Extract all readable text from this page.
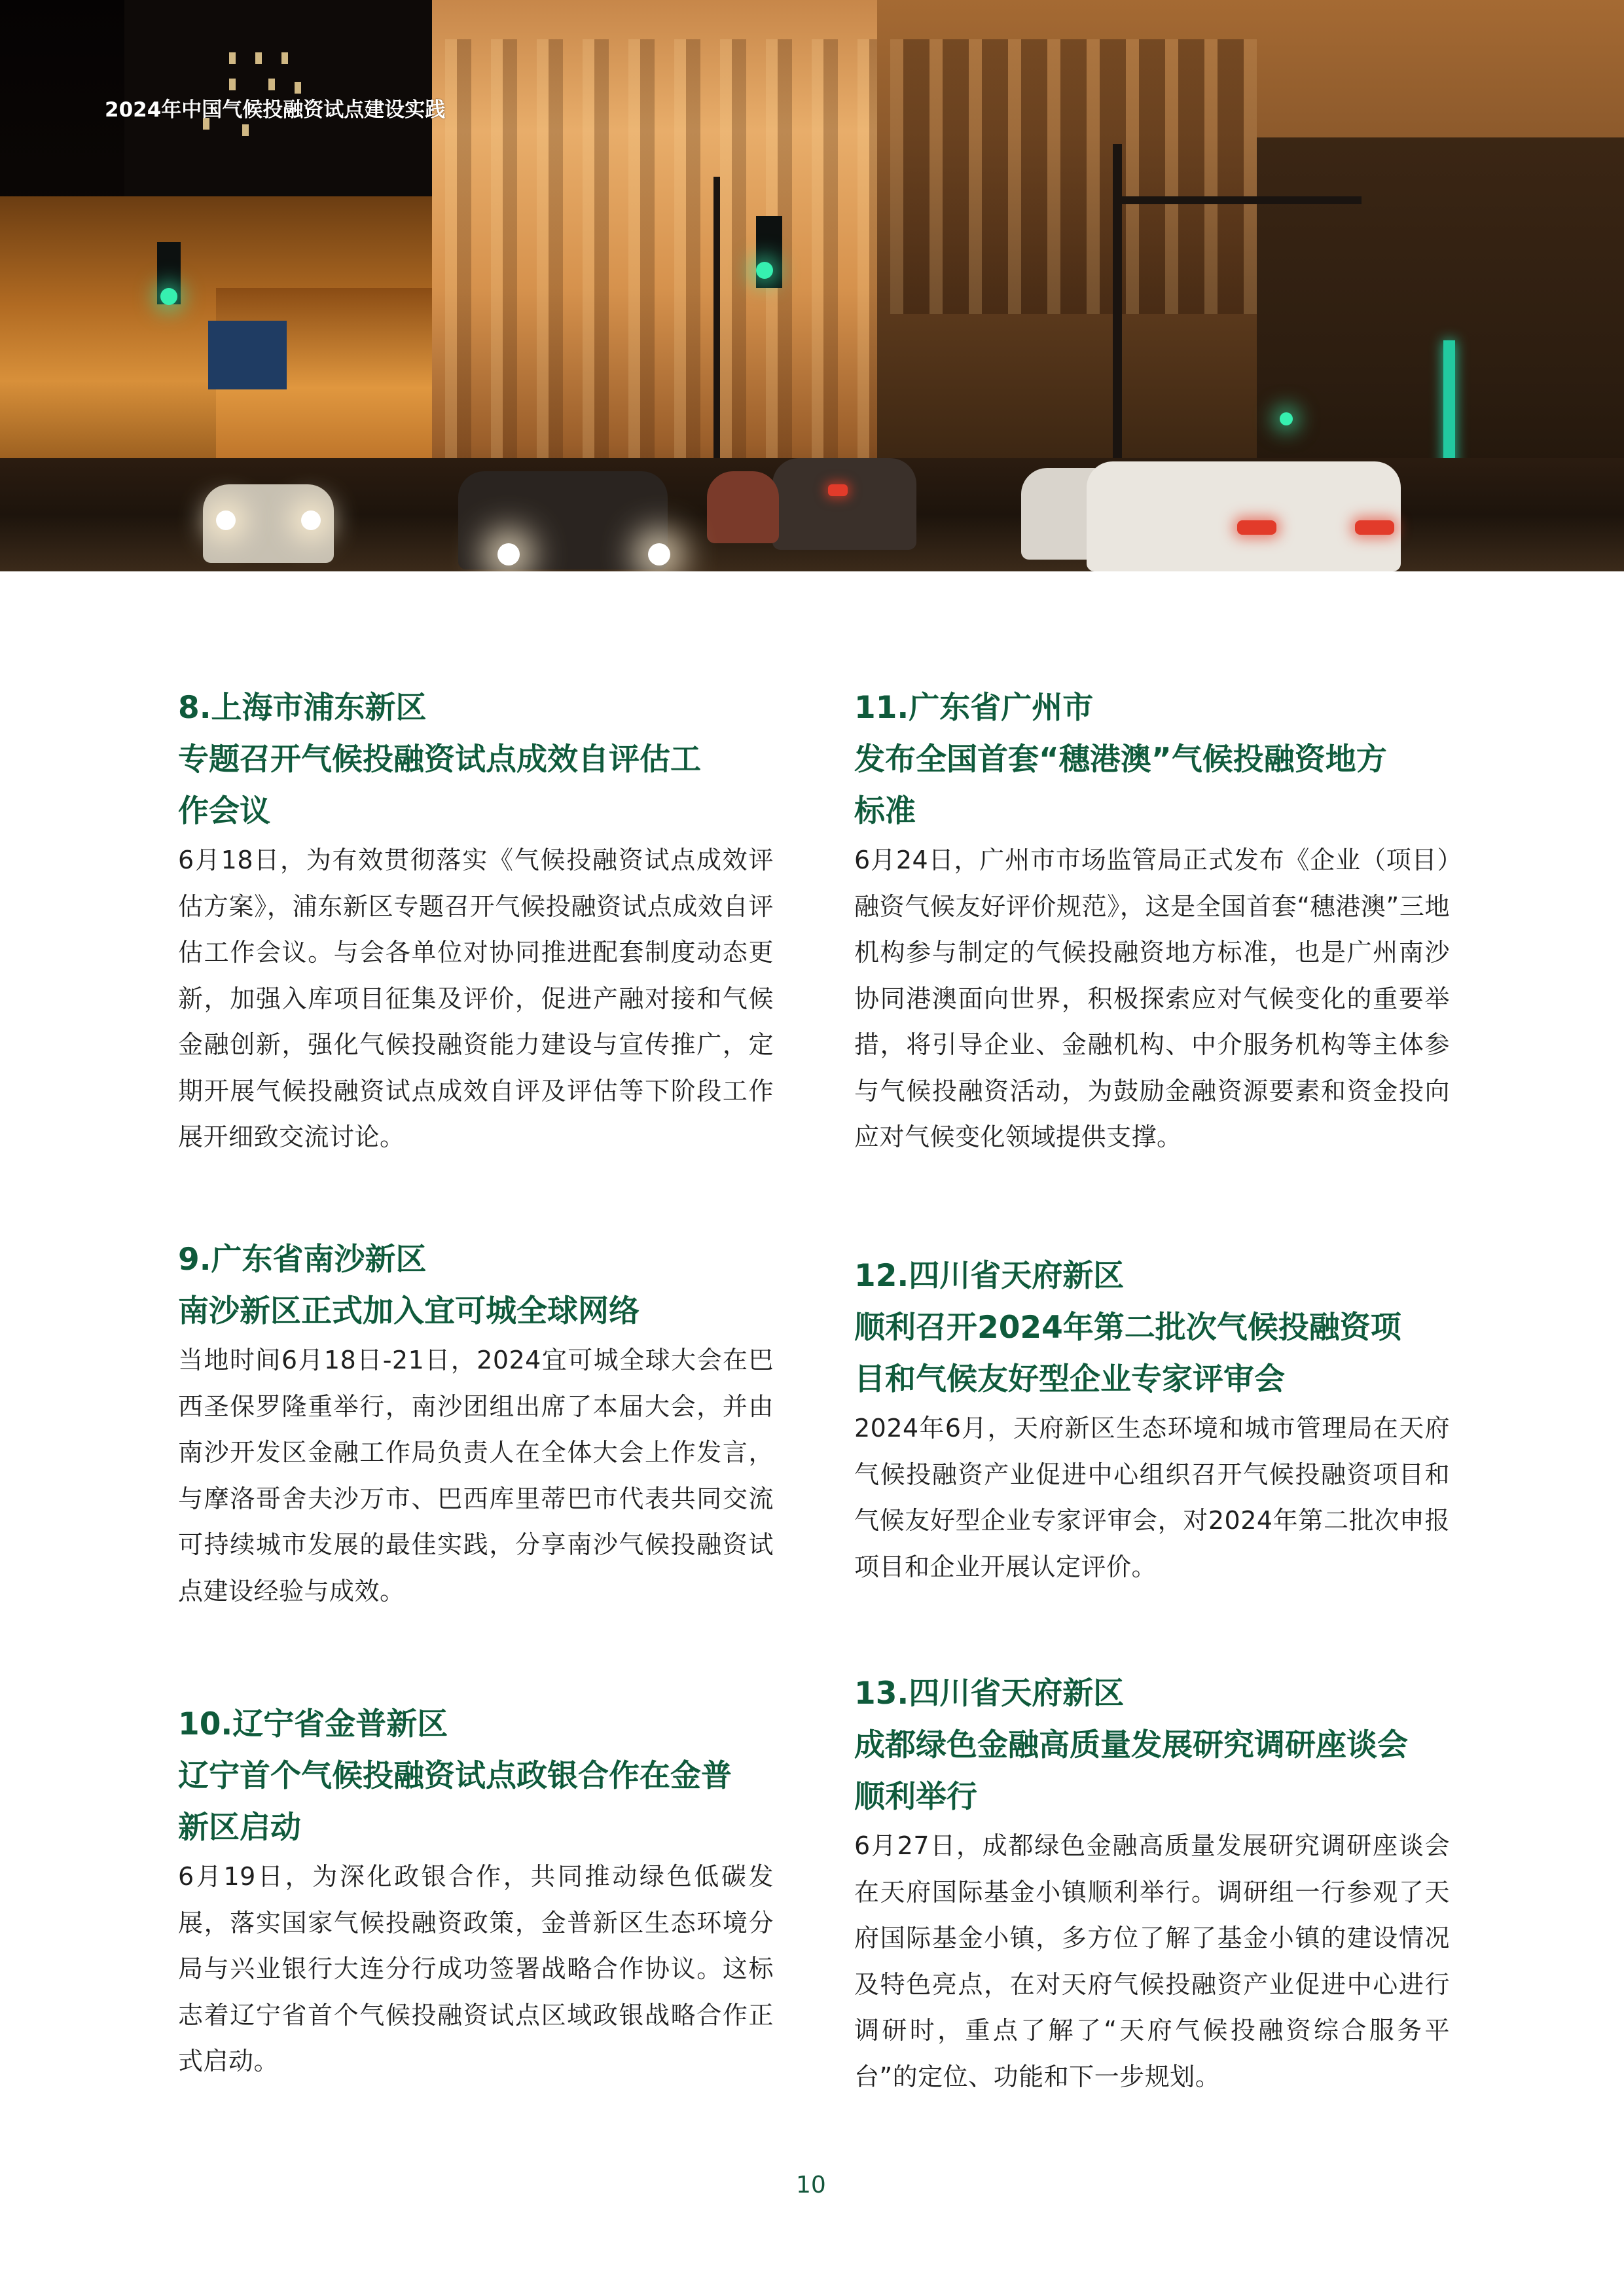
2024年中国气候投融资试点建设实践

8.上海市浦东新区

专题召开气候投融资试点成效自评估工

作会议

6月18日，为有效贯彻落实《气候投融资试点成效评估方案》，浦东新区专题召开气候投融资试点成效自评估工作会议。与会各单位对协同推进配套制度动态更新，加强入库项目征集及评价，促进产融对接和气候金融创新，强化气候投融资能力建设与宣传推广，定期开展气候投融资试点成效自评及评估等下阶段工作展开细致交流讨论。

9.广东省南沙新区

南沙新区正式加入宜可城全球网络

当地时间6月18日-21日，2024宜可城全球大会在巴西圣保罗隆重举行，南沙团组出席了本届大会，并由南沙开发区金融工作局负责人在全体大会上作发言，与摩洛哥舍夫沙万市、巴西库里蒂巴市代表共同交流可持续城市发展的最佳实践，分享南沙气候投融资试点建设经验与成效。

10.辽宁省金普新区

辽宁首个气候投融资试点政银合作在金普

新区启动

6月19日，为深化政银合作，共同推动绿色低碳发展，落实国家气候投融资政策，金普新区生态环境分局与兴业银行大连分行成功签署战略合作协议。这标志着辽宁省首个气候投融资试点区域政银战略合作正式启动。

11.广东省广州市

发布全国首套“穗港澳”气候投融资地方

标准

6月24日，广州市市场监管局正式发布《企业（项目）融资气候友好评价规范》，这是全国首套“穗港澳”三地机构参与制定的气候投融资地方标准，也是广州南沙协同港澳面向世界，积极探索应对气候变化的重要举措，将引导企业、金融机构、中介服务机构等主体参与气候投融资活动，为鼓励金融资源要素和资金投向应对气候变化领域提供支撑。

12.四川省天府新区

顺利召开2024年第二批次气候投融资项

目和气候友好型企业专家评审会

2024年6月，天府新区生态环境和城市管理局在天府气候投融资产业促进中心组织召开气候投融资项目和气候友好型企业专家评审会，对2024年第二批次申报项目和企业开展认定评价。

13.四川省天府新区

成都绿色金融高质量发展研究调研座谈会

顺利举行

6月27日，成都绿色金融高质量发展研究调研座谈会在天府国际基金小镇顺利举行。调研组一行参观了天府国际基金小镇，多方位了解了基金小镇的建设情况及特色亮点，在对天府气候投融资产业促进中心进行调研时，重点了解了“天府气候投融资综合服务平台”的定位、功能和下一步规划。

10
